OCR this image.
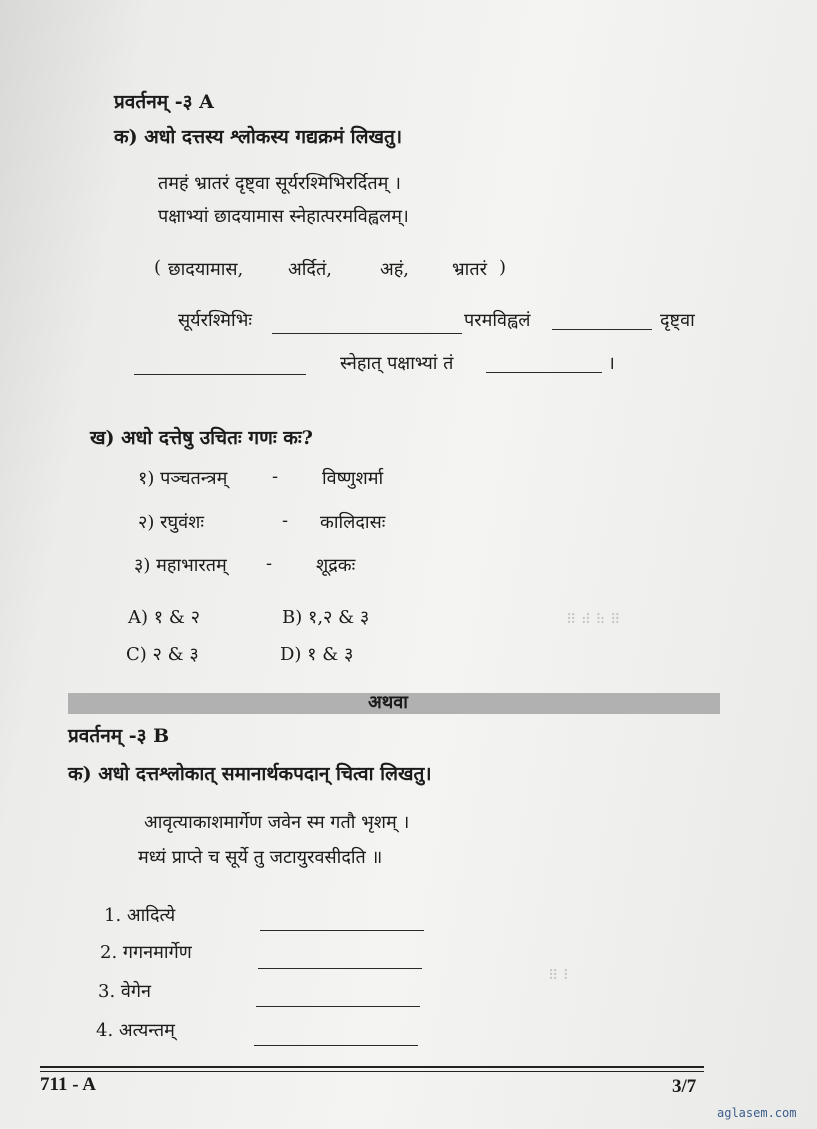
प्रवर्तनम् -३ A
क) अधो दत्तस्य श्लोकस्य गद्यक्रमं लिखतु।
तमहं भ्रातरं दृष्ट्वा सूर्यरश्मिभिरर्दितम् ।
पक्षाभ्यां छादयामास स्नेहात्परमविह्वलम्।
( छादयामास, अर्दितं,	अहं, भ्रातरं )
सूर्यरश्मिभिः	परमविह्वलं	दृष्ट्वा
स्नेहात् पक्षाभ्यां तं	।
ख) अधो दत्तेषु उचितः गणः कः?
१) पञ्चतन्त्रम् - विष्णुशर्मा
२) रघुवंशः	- कालिदासः
३) महाभारतम् - शूद्रकः
A) १ & २	B) १,२ & ३
C) २ & ३	D) १ & ३
⠿ ⠾ ⠷ ⠿
अथवा
प्रवर्तनम् -३ B
क) अधो दत्तश्लोकात् समानार्थकपदान् चित्वा लिखतु।
आवृत्याकाशमार्गेण जवेन स्म गतौ भृशम् ।
मध्यं प्राप्ते च सूर्ये तु जटायुरवसीदति ॥
1. आदित्ये
2. गगनमार्गेण
3. वेगेन
4. अत्यन्तम्
⠿ ⠇
711 - A	3/7
aglasem.com
